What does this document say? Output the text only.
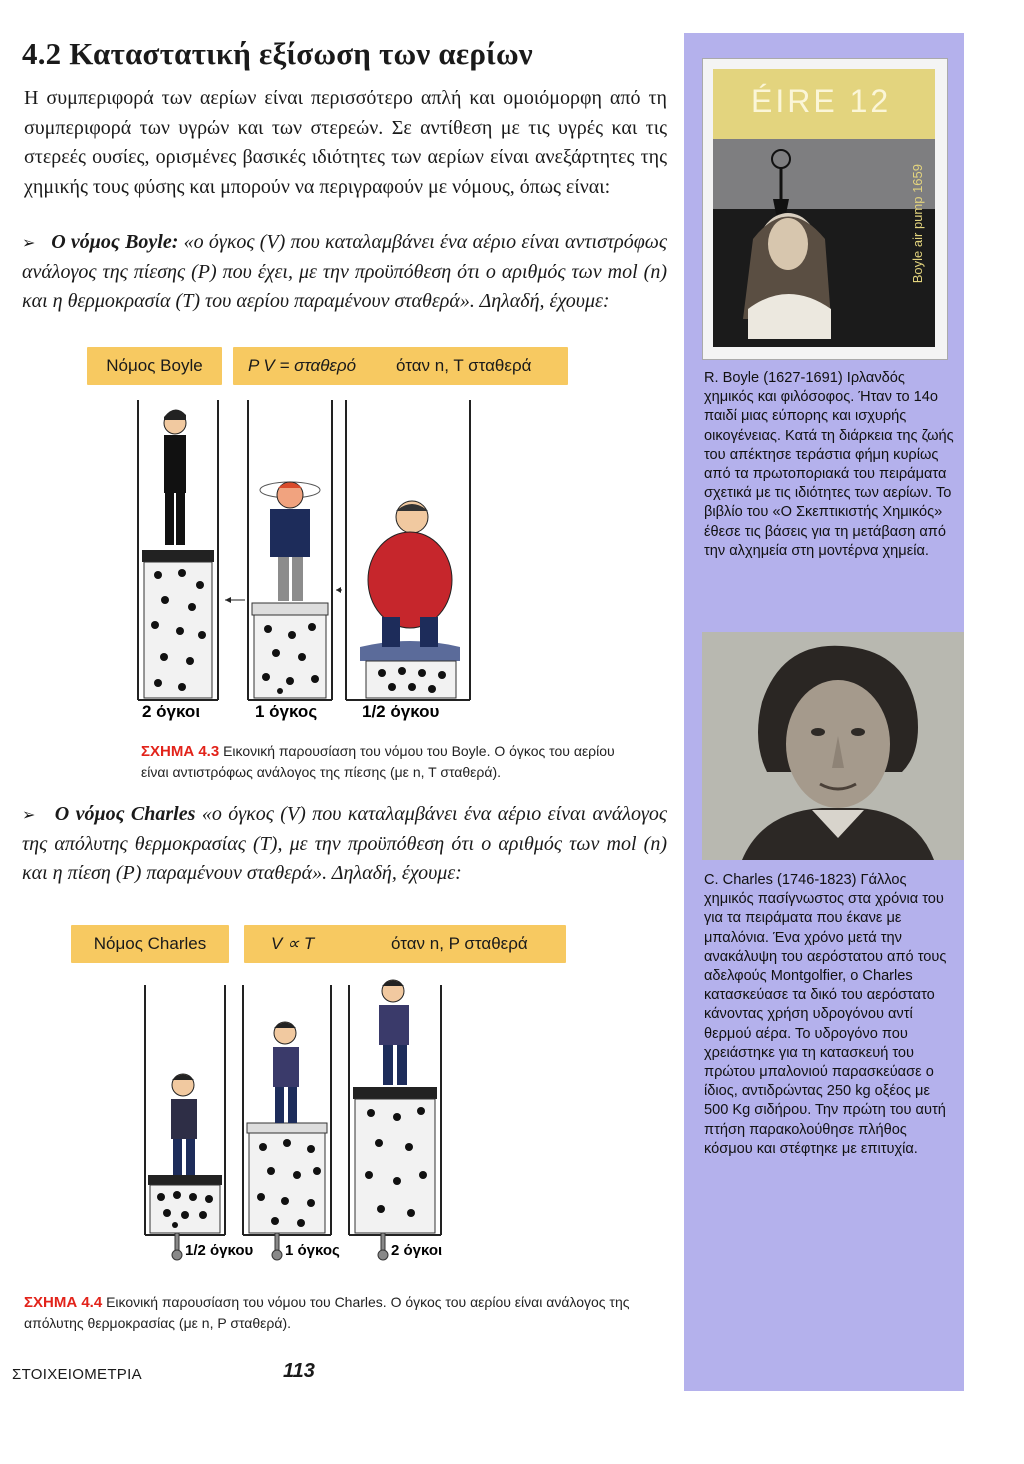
4.2 Καταστατική εξίσωση των αερίων

Η συμπεριφορά των αερίων είναι περισσότερο απλή και ομοιόμορφη από τη συμπεριφορά των υγρών και των στερεών. Σε αντίθεση με τις υγρές και τις στερεές ουσίες, ορισμένες βασικές ιδιότητες των αερίων είναι ανεξάρτητες της χημικής τους φύσης και μπορούν να περιγραφούν με νόμους, όπως είναι:

➢ Ο νόμος Boyle: «ο όγκος (V) που καταλαμβάνει ένα αέριο είναι αντιστρόφως ανάλογος της πίεσης (P) που έχει, με την προϋπόθεση ότι ο αριθμός των mol (n) και η θερμοκρασία (T) του αερίου παραμένουν σταθερά». Δηλαδή, έχουμε:

Νόμος Boyle	P V = σταθερό όταν n, T σταθερά
2 όγκοι	1 όγκος	1/2 όγκου
ΣΧΗΜΑ 4.3 Εικονική παρουσίαση του νόμου του Boyle. Ο όγκος του αερίου είναι αντιστρόφως ανάλογος της πίεσης (με n, T σταθερά).

➢ Ο νόμος Charles «ο όγκος (V) που καταλαμβάνει ένα αέριο είναι ανάλογος της απόλυτης θερμοκρασίας (T), με την προϋπόθεση ότι ο αριθμός των mol (n) και η πίεση (P) παραμένουν σταθερά». Δηλαδή, έχουμε:

Νόμος Charles	V ∝ T	όταν n, P σταθερά
1/2 όγκου 1 όγκος	2 όγκοι
ΣΧΗΜΑ 4.4 Εικονική παρουσίαση του νόμου του Charles. Ο όγκος του αερίου είναι ανάλογος της απόλυτης θερμοκρασίας (με n, P σταθερά).
ÉIRE 12
Boyle air pump 1659
R. Boyle (1627-1691) Ιρλανδός χημικός και φιλόσοφος. Ήταν το 14ο παιδί μιας εύπορης και ισχυρής οικογένειας. Κατά τη διάρκεια της ζωής του απέκτησε τεράστια φήμη κυρίως από τα πρωτοποριακά του πειράματα σχετικά με τις ιδιότητες των αερίων. Το βιβλίο του «Ο Σκεπτικιστής Χημικός» έθεσε τις βάσεις για τη μετάβαση από την αλχημεία στη μοντέρνα χημεία.
C. Charles (1746-1823) Γάλλος χημικός πασίγνωστος στα χρόνια του για τα πειράματα που έκανε με μπαλόνια. Ένα χρόνο μετά την ανακάλυψη του αερόστατου από τους αδελφούς Montgolfier, ο Charles κατασκεύασε τα δικό του αερόστατο κάνοντας χρήση υδρογόνου αντί θερμού αέρα. Το υδρογόνο που χρειάστηκε για τη κατασκευή του πρώτου μπαλονιού παρασκεύασε ο ίδιος, αντιδρώντας 250 kg οξέος με 500 Kg σιδήρου. Την πρώτη του αυτή πτήση παρακολούθησε πλήθος κόσμου και στέφτηκε με επιτυχία.
ΣΤΟΙΧΕΙΟΜΕΤΡΙΑ	113
